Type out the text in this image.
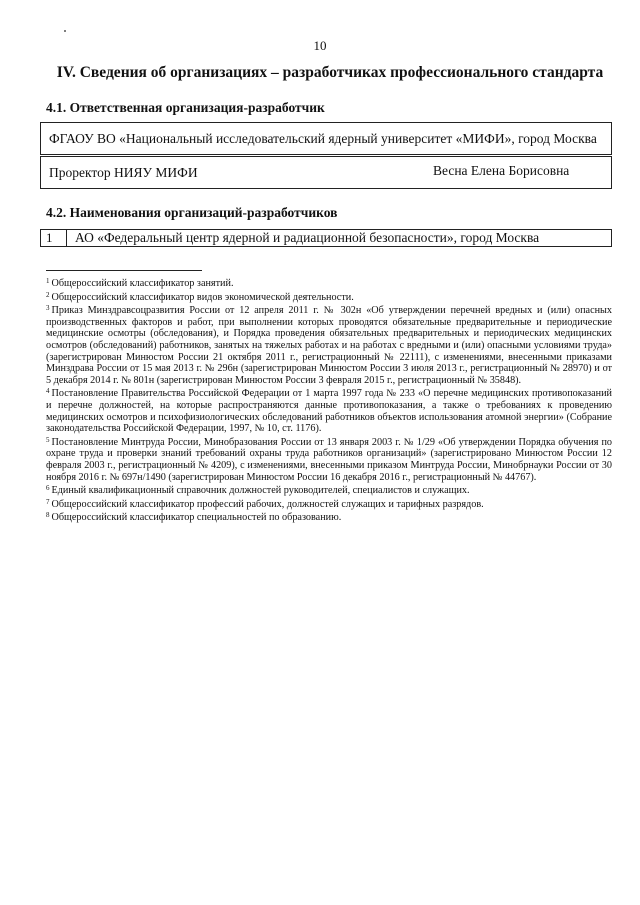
10
IV. Сведения об организациях – разработчиках профессионального стандарта
4.1. Ответственная организация-разработчик
ФГАОУ ВО «Национальный исследовательский ядерный университет «МИФИ», город Москва
Проректор НИЯУ МИФИ	Весна Елена Борисовна
4.2. Наименования организаций-разработчиков
1	АО «Федеральный центр ядерной и радиационной безопасности», город Москва

$^1$ Общероссийский классификатор занятий.

$^2$ Общероссийский классификатор видов экономической деятельности.

$^3$ Приказ Минздравсоцразвития России от 12 апреля 2011 г. № 302н «Об утверждении перечней вредных и (или) опасных производственных факторов и работ, при выполнении которых проводятся обязательные предварительные и периодические медицинские осмотры (обследования), и Порядка проведения обязательных предварительных и периодических медицинских осмотров (обследований) работников, занятых на тяжелых работах и на работах с вредными и (или) опасными условиями труда» (зарегистрирован Минюстом России 21 октября 2011 г., регистрационный № 22111), с изменениями, внесенными приказами Минздрава России от 15 мая 2013 г. № 296н (зарегистрирован Минюстом России 3 июля 2013 г., регистрационный № 28970) и от 5 декабря 2014 г. № 801н (зарегистрирован Минюстом России 3 февраля 2015 г., регистрационный № 35848).

$^4$ Постановление Правительства Российской Федерации от 1 марта 1997 года № 233 «О перечне медицинских противопоказаний и перечне должностей, на которые распространяются данные противопоказания, а также о требованиях к проведению медицинских осмотров и психофизиологических обследований работников объектов использования атомной энергии» (Собрание законодательства Российской Федерации, 1997, № 10, ст. 1176).

$^5$ Постановление Минтруда России, Минобразования России от 13 января 2003 г. № 1/29 «Об утверждении Порядка обучения по охране труда и проверки знаний требований охраны труда работников организаций» (зарегистрировано Минюстом России 12 февраля 2003 г., регистрационный № 4209), с изменениями, внесенными приказом Минтруда России, Минобрнауки России от 30 ноября 2016 г. № 697н/1490 (зарегистрирован Минюстом России 16 декабря 2016 г., регистрационный № 44767).

$^6$ Единый квалификационный справочник должностей руководителей, специалистов и служащих.

$^7$ Общероссийский классификатор профессий рабочих, должностей служащих и тарифных разрядов.

$^8$ Общероссийский классификатор специальностей по образованию.
